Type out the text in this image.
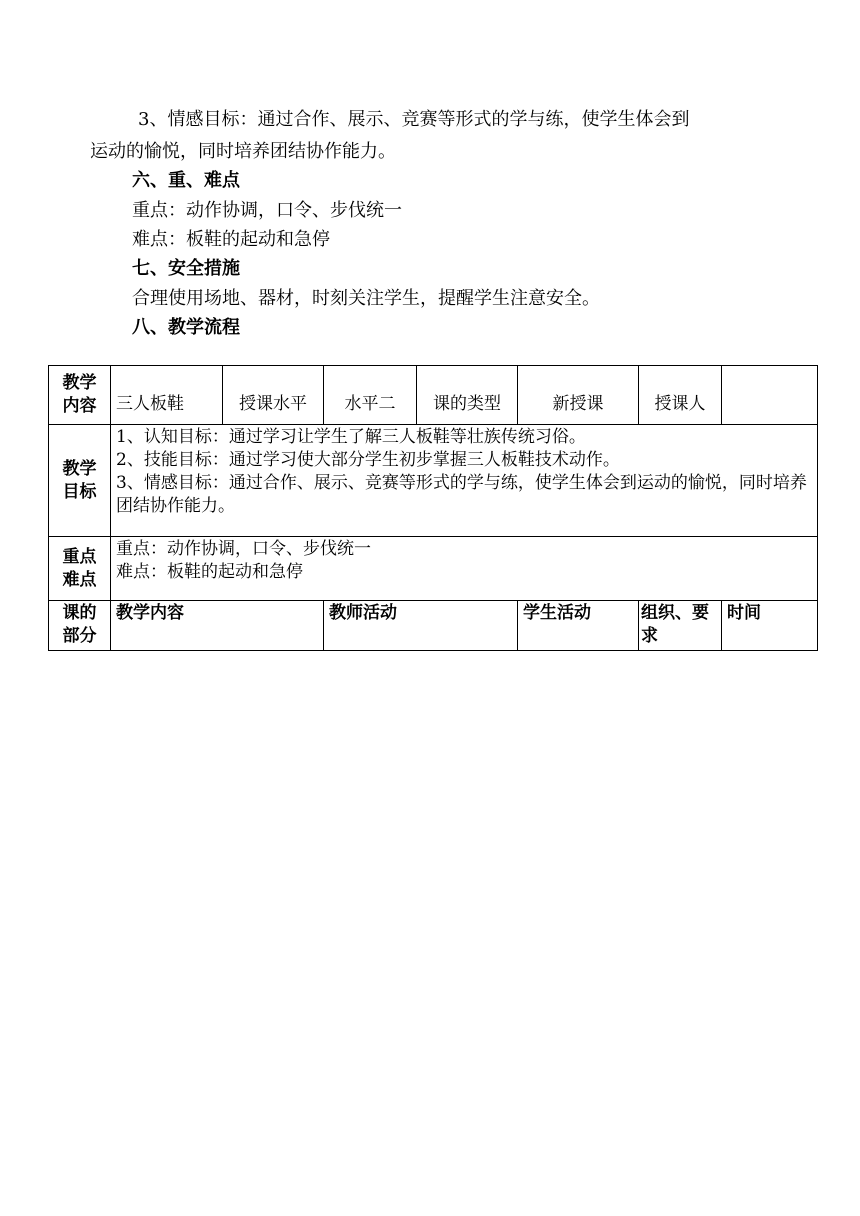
3、情感目标：通过合作、展示、竞赛等形式的学与练，使学生体会到
运动的愉悦，同时培养团结协作能力。
六、重、难点
重点：动作协调，口令、步伐统一
难点：板鞋的起动和急停
七、安全措施
合理使用场地、器材，时刻关注学生，提醒学生注意安全。
八、教学流程
教学
内容	三人板鞋	授课水平	水平二	课的类型	新授课	授课人	

教学
目标	1、认知目标：通过学习让学生了解三人板鞋等壮族传统习俗。
2、技能目标：通过学习使大部分学生初步掌握三人板鞋技术动作。
3、情感目标：通过合作、展示、竞赛等形式的学与练，使学生体会到运动的愉悦，同时培养团结协作能力。						

重点
难点	重点：动作协调，口令、步伐统一
难点：板鞋的起动和急停						

课的
部分	教学内容		教师活动		学生活动	组织、要求	时间
